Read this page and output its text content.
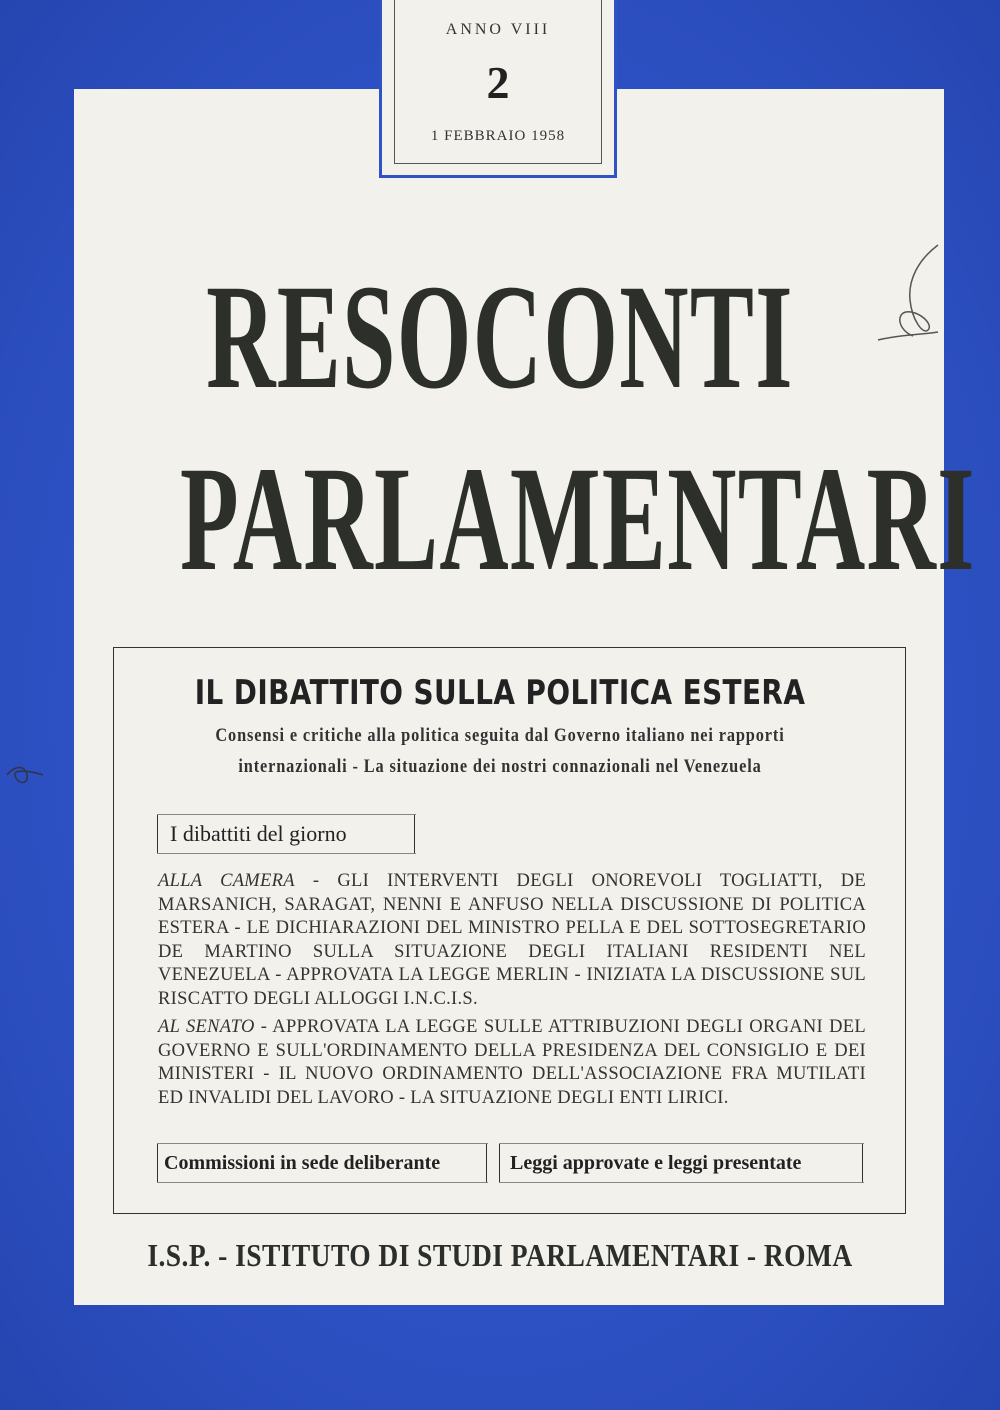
ANNO VIII
2
1 FEBBRAIO 1958
RESOCONTI
PARLAMENTARI
IL DIBATTITO SULLA POLITICA ESTERA
Consensi e critiche alla politica seguita dal Governo italiano nei rapporti
internazionali - La situazione dei nostri connazionali nel Venezuela
I dibattiti del giorno
ALLA CAMERA - GLI INTERVENTI DEGLI ONOREVOLI TOGLIATTI, DE MARSANICH, SARAGAT, NENNI E ANFUSO NELLA DISCUSSIONE DI POLITICA ESTERA - LE DICHIARAZIONI DEL MINISTRO PELLA E DEL SOTTOSEGRETARIO DE MARTINO SULLA SITUAZIONE DEGLI ITALIANI RESIDENTI NEL VENEZUELA - APPROVATA LA LEGGE MERLIN - INIZIATA LA DISCUSSIONE SUL RISCATTO DEGLI ALLOGGI I.N.C.I.S.
AL SENATO - APPROVATA LA LEGGE SULLE ATTRIBUZIONI DEGLI ORGANI DEL GOVERNO E SULL'ORDINAMENTO DELLA PRESIDENZA DEL CONSIGLIO E DEI MINISTERI - IL NUOVO ORDINAMENTO DELL'ASSOCIAZIONE FRA MUTILATI ED INVALIDI DEL LAVORO - LA SITUAZIONE DEGLI ENTI LIRICI.
Commissioni in sede deliberante	Leggi approvate e leggi presentate
I.S.P. - ISTITUTO DI STUDI PARLAMENTARI - ROMA
